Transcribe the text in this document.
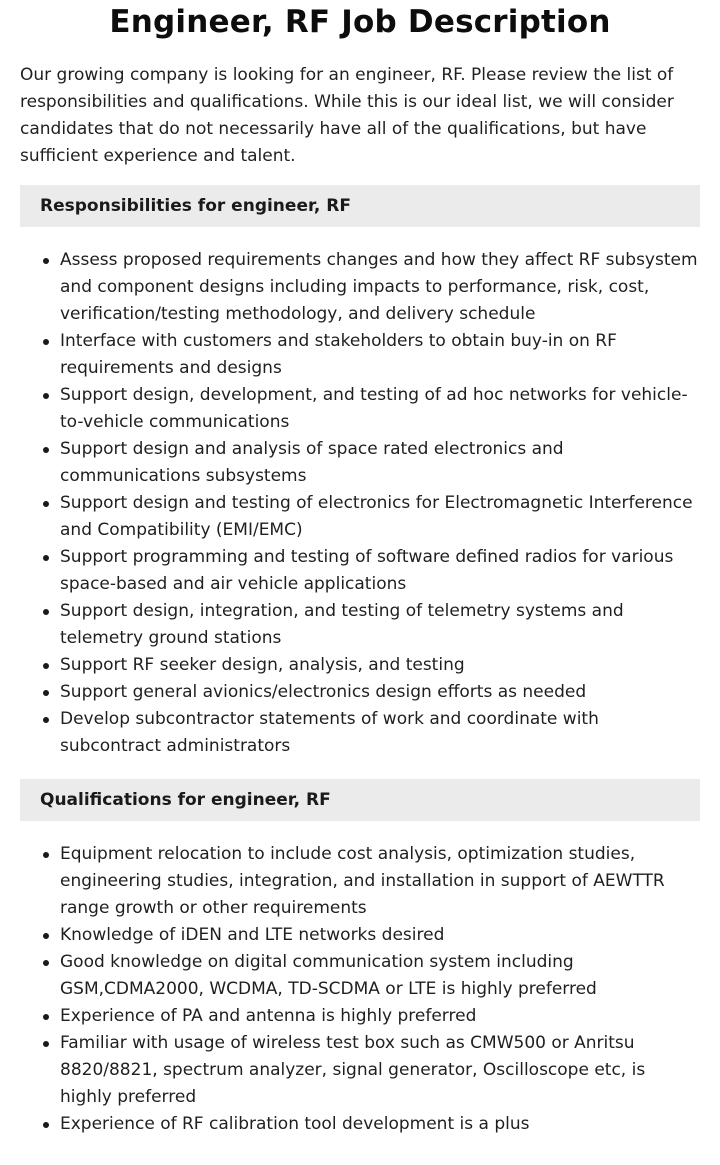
Engineer, RF Job Description

Our growing company is looking for an engineer, RF. Please review the list of responsibilities and qualifications. While this is our ideal list, we will consider candidates that do not necessarily have all of the qualifications, but have sufficient experience and talent.

Responsibilities for engineer, RF
Assess proposed requirements changes and how they affect RF subsystem and component designs including impacts to performance, risk, cost, verification/testing methodology, and delivery schedule
Interface with customers and stakeholders to obtain buy-in on RF requirements and designs
Support design, development, and testing of ad hoc networks for vehicle-to-vehicle communications
Support design and analysis of space rated electronics and communications subsystems
Support design and testing of electronics for Electromagnetic Interference and Compatibility (EMI/EMC)
Support programming and testing of software defined radios for various space-based and air vehicle applications
Support design, integration, and testing of telemetry systems and telemetry ground stations
Support RF seeker design, analysis, and testing
Support general avionics/electronics design efforts as needed
Develop subcontractor statements of work and coordinate with subcontract administrators
Qualifications for engineer, RF
Equipment relocation to include cost analysis, optimization studies, engineering studies, integration, and installation in support of AEWTTR range growth or other requirements
Knowledge of iDEN and LTE networks desired
Good knowledge on digital communication system including GSM,CDMA2000, WCDMA, TD-SCDMA or LTE is highly preferred
Experience of PA and antenna is highly preferred
Familiar with usage of wireless test box such as CMW500 or Anritsu 8820/8821, spectrum analyzer, signal generator, Oscilloscope etc, is highly preferred
Experience of RF calibration tool development is a plus
